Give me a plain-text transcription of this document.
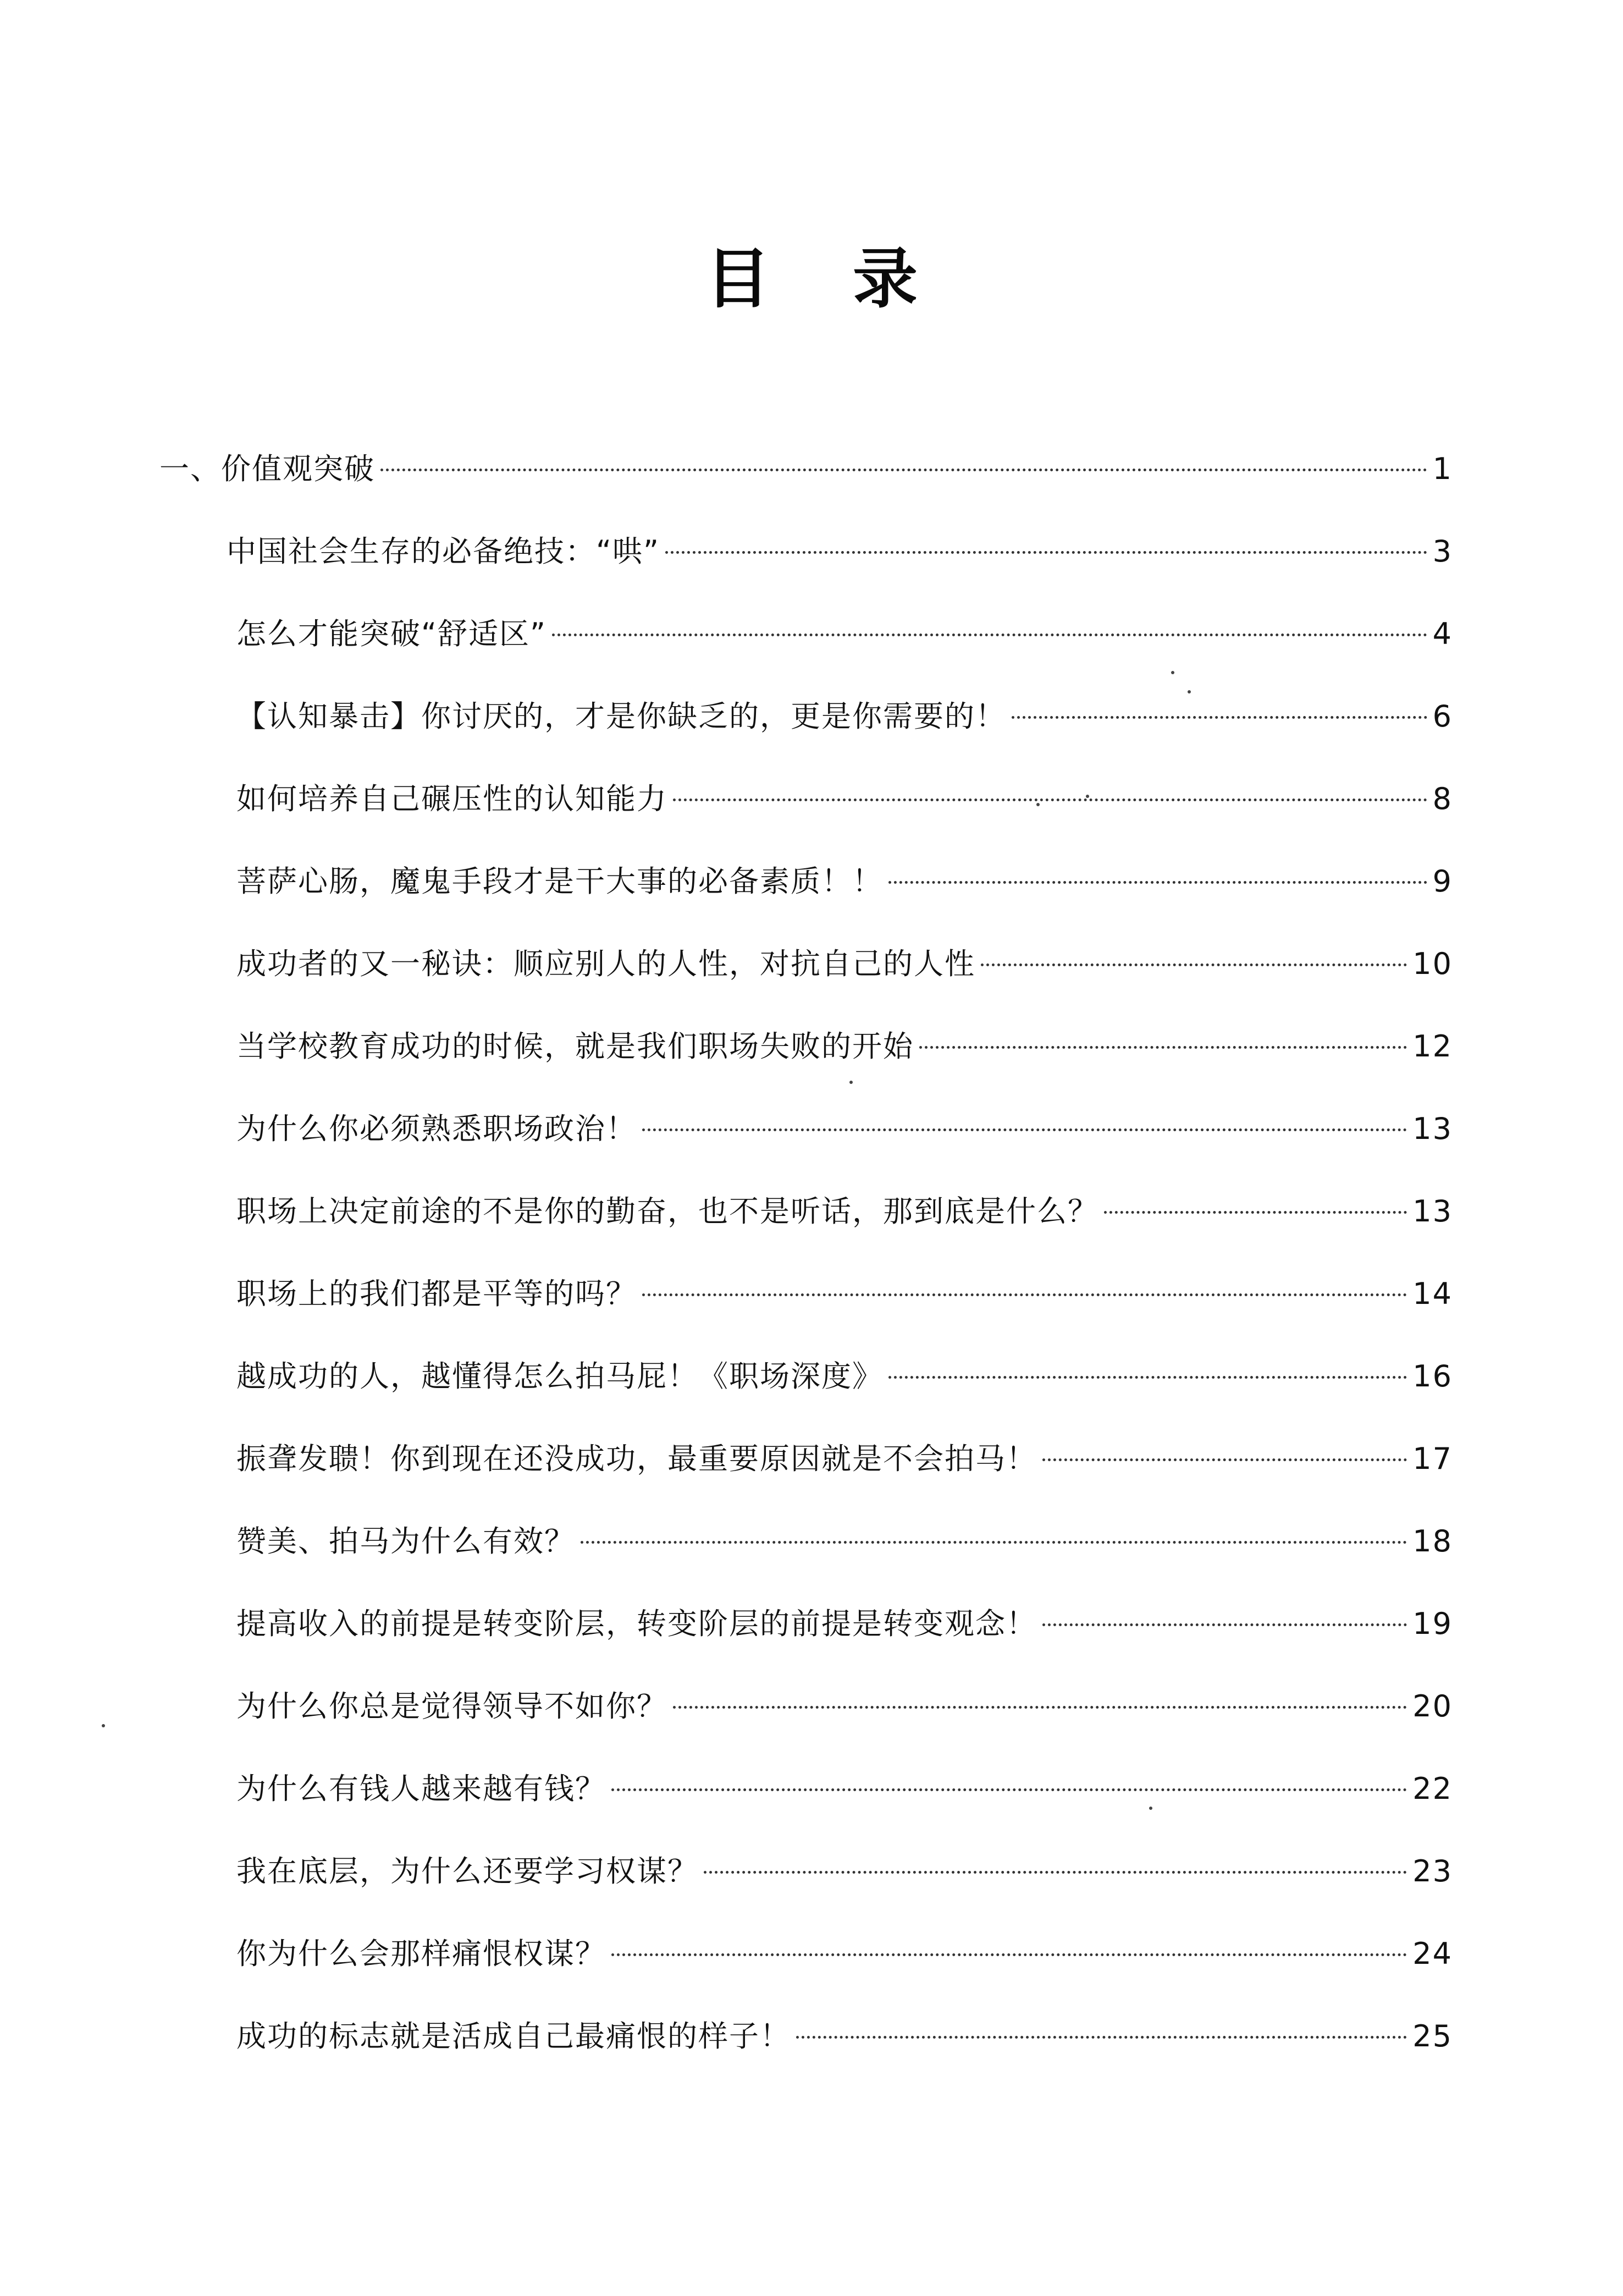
目录
一、价值观突破	1
中国社会生存的必备绝技：“哄”	3
怎么才能突破“舒适区”	4
【认知暴击】你讨厌的，才是你缺乏的，更是你需要的！	6
如何培养自己碾压性的认知能力	8
菩萨心肠，魔鬼手段才是干大事的必备素质！！	9
成功者的又一秘诀：顺应别人的人性，对抗自己的人性	10
当学校教育成功的时候，就是我们职场失败的开始	12
为什么你必须熟悉职场政治！	13
职场上决定前途的不是你的勤奋，也不是听话，那到底是什么？	13
职场上的我们都是平等的吗？	14
越成功的人，越懂得怎么拍马屁！《职场深度》	16
振聋发聩！你到现在还没成功，最重要原因就是不会拍马！	17
赞美、拍马为什么有效？	18
提高收入的前提是转变阶层，转变阶层的前提是转变观念！	19
为什么你总是觉得领导不如你？	20
为什么有钱人越来越有钱？	22
我在底层，为什么还要学习权谋？	23
你为什么会那样痛恨权谋？	24
成功的标志就是活成自己最痛恨的样子！	25
